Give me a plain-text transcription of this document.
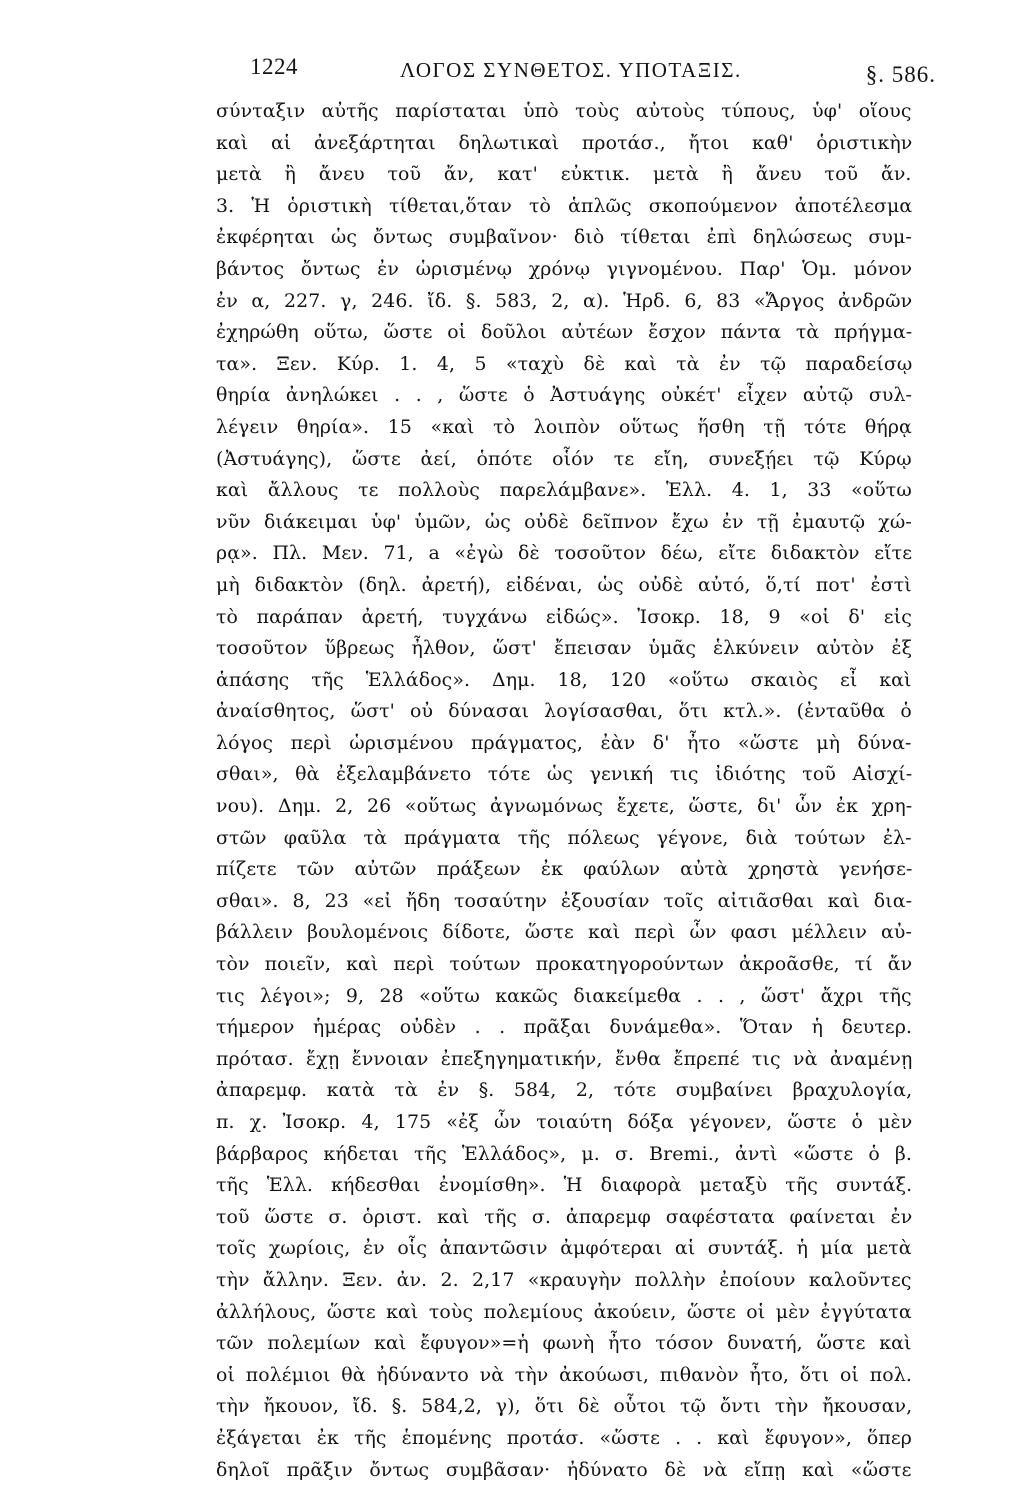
1224	ΛΟΓΟΣ ΣΥΝΘΕΤΟΣ. ΥΠΟΤΑΞΙΣ.	§. 586.
σύνταξιν αὐτῆς παρίσταται ὑπὸ τοὺς αὐτοὺς τύπους, ὑφ' οἵους
καὶ αἱ ἀνεξάρτηται δηλωτικαὶ προτάσ., ἤτοι καθ' ὁριστικὴν
μετὰ ἢ ἄνευ τοῦ ἄν, κατ' εὐκτικ. μετὰ ἢ ἄνευ τοῦ ἄν.
3. Ἡ ὁριστικὴ τίθεται,ὅταν τὸ ἁπλῶς σκοπούμενον ἀποτέλεσμα
ἐκφέρηται ὡς ὄντως συμβαῖνον· διὸ τίθεται ἐπὶ δηλώσεως συμ-
βάντος ὄντως ἐν ὡρισμένῳ χρόνῳ γιγνομένου. Παρ' Ὁμ. μόνον
ἐν α, 227. γ, 246. ἴδ. §. 583, 2, α). Ἡρδ. 6, 83 «Ἄργος ἀνδρῶν
ἐχηρώθη οὕτω, ὥστε οἱ δοῦλοι αὐτέων ἔσχον πάντα τὰ πρήγμα-
τα». Ξεν. Κύρ. 1. 4, 5 «ταχὺ δὲ καὶ τὰ ἐν τῷ παραδείσῳ
θηρία ἀνηλώκει . . , ὥστε ὁ Ἀστυάγης οὐκέτ' εἶχεν αὐτῷ συλ-
λέγειν θηρία». 15 «καὶ τὸ λοιπὸν οὕτως ἥσθη τῇ τότε θήρᾳ
(Ἀστυάγης), ὥστε ἀεί, ὁπότε οἷόν τε εἴη, συνεξῄει τῷ Κύρῳ
καὶ ἄλλους τε πολλοὺς παρελάμβανε». Ἑλλ. 4. 1, 33 «οὕτω
νῦν διάκειμαι ὑφ' ὑμῶν, ὡς οὐδὲ δεῖπνον ἔχω ἐν τῇ ἐμαυτῷ χώ-
ρᾳ». Πλ. Μεν. 71, a «ἐγὼ δὲ τοσοῦτον δέω, εἴτε διδακτὸν εἴτε
μὴ διδακτὸν (δηλ. ἀρετή), εἰδέναι, ὡς οὐδὲ αὐτό, ὅ,τί ποτ' ἐστὶ
τὸ παράπαν ἀρετή, τυγχάνω εἰδώς». Ἰσοκρ. 18, 9 «οἱ δ' εἰς
τοσοῦτον ὕβρεως ἦλθον, ὥστ' ἔπεισαν ὑμᾶς ἑλκύνειν αὐτὸν ἐξ
ἁπάσης τῆς Ἑλλάδος». Δημ. 18, 120 «οὕτω σκαιὸς εἶ καὶ
ἀναίσθητος, ὥστ' οὐ δύνασαι λογίσασθαι, ὅτι κτλ.». (ἐνταῦθα ὁ
λόγος περὶ ὡρισμένου πράγματος, ἐὰν δ' ἦτο «ὥστε μὴ δύνα-
σθαι», θὰ ἐξελαμβάνετο τότε ὡς γενική τις ἰδιότης τοῦ Αἰσχί-
νου). Δημ. 2, 26 «οὕτως ἀγνωμόνως ἔχετε, ὥστε, δι' ὧν ἐκ χρη-
στῶν φαῦλα τὰ πράγματα τῆς πόλεως γέγονε, διὰ τούτων ἐλ-
πίζετε τῶν αὐτῶν πράξεων ἐκ φαύλων αὐτὰ χρηστὰ γενήσε-
σθαι». 8, 23 «εἰ ἤδη τοσαύτην ἐξουσίαν τοῖς αἰτιᾶσθαι καὶ δια-
βάλλειν βουλομένοις δίδοτε, ὥστε καὶ περὶ ὧν φασι μέλλειν αὐ-
τὸν ποιεῖν, καὶ περὶ τούτων προκατηγορούντων ἀκροᾶσθε, τί ἄν
τις λέγοι»; 9, 28 «οὕτω κακῶς διακείμεθα . . , ὥστ' ἄχρι τῆς
τήμερον ἡμέρας οὐδὲν . . πρᾶξαι δυνάμεθα». Ὅταν ἡ δευτερ.
πρότασ. ἔχῃ ἔννοιαν ἐπεξηγηματικήν, ἔνθα ἔπρεπέ τις νὰ ἀναμένῃ
ἀπαρεμφ. κατὰ τὰ ἐν §. 584, 2, τότε συμβαίνει βραχυλογία,
π. χ. Ἰσοκρ. 4, 175 «ἐξ ὧν τοιαύτη δόξα γέγονεν, ὥστε ὁ μὲν
βάρβαρος κήδεται τῆς Ἑλλάδος», μ. σ. Bremi., ἀντὶ «ὥστε ὁ β.
τῆς Ἑλλ. κήδεσθαι ἐνομίσθη». Ἡ διαφορὰ μεταξὺ τῆς συντάξ.
τοῦ ὥστε σ. ὁριστ. καὶ τῆς σ. ἀπαρεμφ σαφέστατα φαίνεται ἐν
τοῖς χωρίοις, ἐν οἷς ἀπαντῶσιν ἀμφότεραι αἱ συντάξ. ἡ μία μετὰ
τὴν ἄλλην. Ξεν. ἀν. 2. 2,17 «κραυγὴν πολλὴν ἐποίουν καλοῦντες
ἀλλήλους, ὥστε καὶ τοὺς πολεμίους ἀκούειν, ὥστε οἱ μὲν ἐγγύτατα
τῶν πολεμίων καὶ ἔφυγον»=ἡ φωνὴ ἦτο τόσον δυνατή, ὥστε καὶ
οἱ πολέμιοι θὰ ἠδύναντο νὰ τὴν ἀκούωσι, πιθανὸν ἦτο, ὅτι οἱ πολ.
τὴν ἤκουον, ἴδ. §. 584,2, γ), ὅτι δὲ οὗτοι τῷ ὄντι τὴν ἤκουσαν,
ἐξάγεται ἐκ τῆς ἑπομένης προτάσ. «ὥστε . . καὶ ἔφυγον», ὅπερ
δηλοῖ πρᾶξιν ὄντως συμβᾶσαν· ἠδύνατο δὲ νὰ εἴπῃ καὶ «ὥστε
